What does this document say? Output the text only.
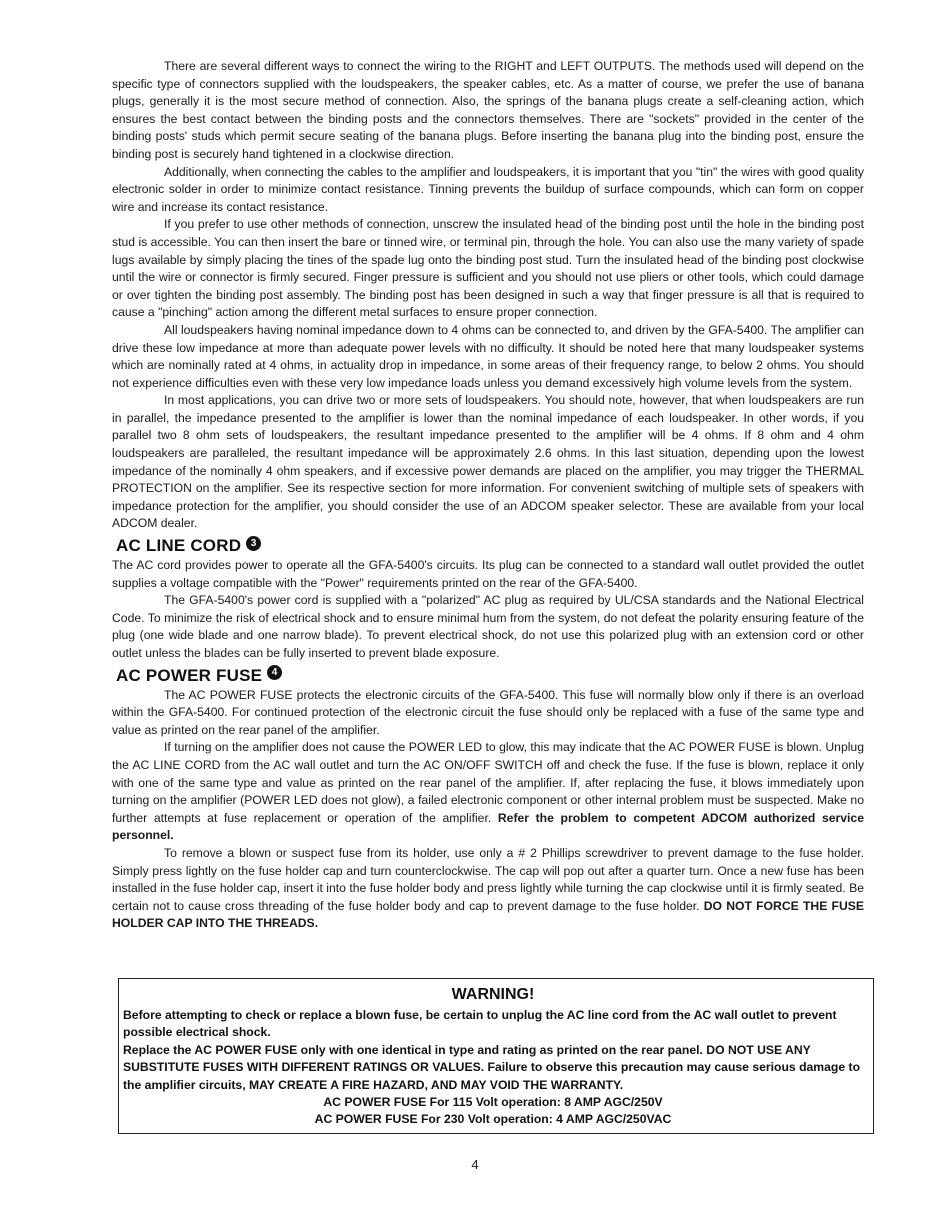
There are several different ways to connect the wiring to the RIGHT and LEFT OUTPUTS. The methods used will depend on the specific type of connectors supplied with the loudspeakers, the speaker cables, etc. As a matter of course, we prefer the use of banana plugs, generally it is the most secure method of connection. Also, the springs of the banana plugs create a self-cleaning action, which ensures the best contact between the binding posts and the connectors themselves. There are "sockets" provided in the center of the binding posts' studs which permit secure seating of the banana plugs. Before inserting the banana plug into the binding post, ensure the binding post is securely hand tightened in a clockwise direction.

Additionally, when connecting the cables to the amplifier and loudspeakers, it is important that you "tin" the wires with good quality electronic solder in order to minimize contact resistance. Tinning prevents the buildup of surface compounds, which can form on copper wire and increase its contact resistance.

If you prefer to use other methods of connection, unscrew the insulated head of the binding post until the hole in the binding post stud is accessible. You can then insert the bare or tinned wire, or terminal pin, through the hole. You can also use the many variety of spade lugs available by simply placing the tines of the spade lug onto the binding post stud. Turn the insulated head of the binding post clockwise until the wire or connector is firmly secured. Finger pressure is sufficient and you should not use pliers or other tools, which could damage or over tighten the binding post assembly. The binding post has been designed in such a way that finger pressure is all that is required to cause a "pinching" action among the different metal surfaces to ensure proper connection.

All loudspeakers having nominal impedance down to 4 ohms can be connected to, and driven by the GFA-5400. The amplifier can drive these low impedance at more than adequate power levels with no difficulty. It should be noted here that many loudspeaker systems which are nominally rated at 4 ohms, in actuality drop in impedance, in some areas of their frequency range, to below 2 ohms. You should not experience difficulties even with these very low impedance loads unless you demand excessively high volume levels from the system.

In most applications, you can drive two or more sets of loudspeakers. You should note, however, that when loudspeakers are run in parallel, the impedance presented to the amplifier is lower than the nominal impedance of each loudspeaker. In other words, if you parallel two 8 ohm sets of loudspeakers, the resultant impedance presented to the amplifier will be 4 ohms. If 8 ohm and 4 ohm loudspeakers are paralleled, the resultant impedance will be approximately 2.6 ohms. In this last situation, depending upon the lowest impedance of the nominally 4 ohm speakers, and if excessive power demands are placed on the amplifier, you may trigger the THERMAL PROTECTION on the amplifier. See its respective section for more information. For convenient switching of multiple sets of speakers with impedance protection for the amplifier, you should consider the use of an ADCOM speaker selector. These are available from your local ADCOM dealer.

AC LINE CORD 3

The AC cord provides power to operate all the GFA-5400's circuits. Its plug can be connected to a standard wall outlet provided the outlet supplies a voltage compatible with the "Power" requirements printed on the rear of the GFA-5400.

The GFA-5400's power cord is supplied with a "polarized" AC plug as required by UL/CSA standards and the National Electrical Code. To minimize the risk of electrical shock and to ensure minimal hum from the system, do not defeat the polarity ensuring feature of the plug (one wide blade and one narrow blade). To prevent electrical shock, do not use this polarized plug with an extension cord or other outlet unless the blades can be fully inserted to prevent blade exposure.

AC POWER FUSE 4

The AC POWER FUSE protects the electronic circuits of the GFA-5400. This fuse will normally blow only if there is an overload within the GFA-5400. For continued protection of the electronic circuit the fuse should only be replaced with a fuse of the same type and value as printed on the rear panel of the amplifier.

If turning on the amplifier does not cause the POWER LED to glow, this may indicate that the AC POWER FUSE is blown. Unplug the AC LINE CORD from the AC wall outlet and turn the AC ON/OFF SWITCH off and check the fuse. If the fuse is blown, replace it only with one of the same type and value as printed on the rear panel of the amplifier. If, after replacing the fuse, it blows immediately upon turning on the amplifier (POWER LED does not glow), a failed electronic component or other internal problem must be suspected. Make no further attempts at fuse replacement or operation of the amplifier. Refer the problem to competent ADCOM authorized service personnel.

To remove a blown or suspect fuse from its holder, use only a # 2 Phillips screwdriver to prevent damage to the fuse holder. Simply press lightly on the fuse holder cap and turn counterclockwise. The cap will pop out after a quarter turn. Once a new fuse has been installed in the fuse holder cap, insert it into the fuse holder body and press lightly while turning the cap clockwise until it is firmly seated. Be certain not to cause cross threading of the fuse holder body and cap to prevent damage to the fuse holder. DO NOT FORCE THE FUSE HOLDER CAP INTO THE THREADS.

WARNING!

Before attempting to check or replace a blown fuse, be certain to unplug the AC line cord from the AC wall outlet to prevent possible electrical shock.

Replace the AC POWER FUSE only with one identical in type and rating as printed on the rear panel. DO NOT USE ANY SUBSTITUTE FUSES WITH DIFFERENT RATINGS OR VALUES. Failure to observe this precaution may cause serious damage to the amplifier circuits, MAY CREATE A FIRE HAZARD, AND MAY VOID THE WARRANTY.

AC POWER FUSE For 115 Volt operation: 8 AMP AGC/250V

AC POWER FUSE For 230 Volt operation: 4 AMP AGC/250VAC

4
